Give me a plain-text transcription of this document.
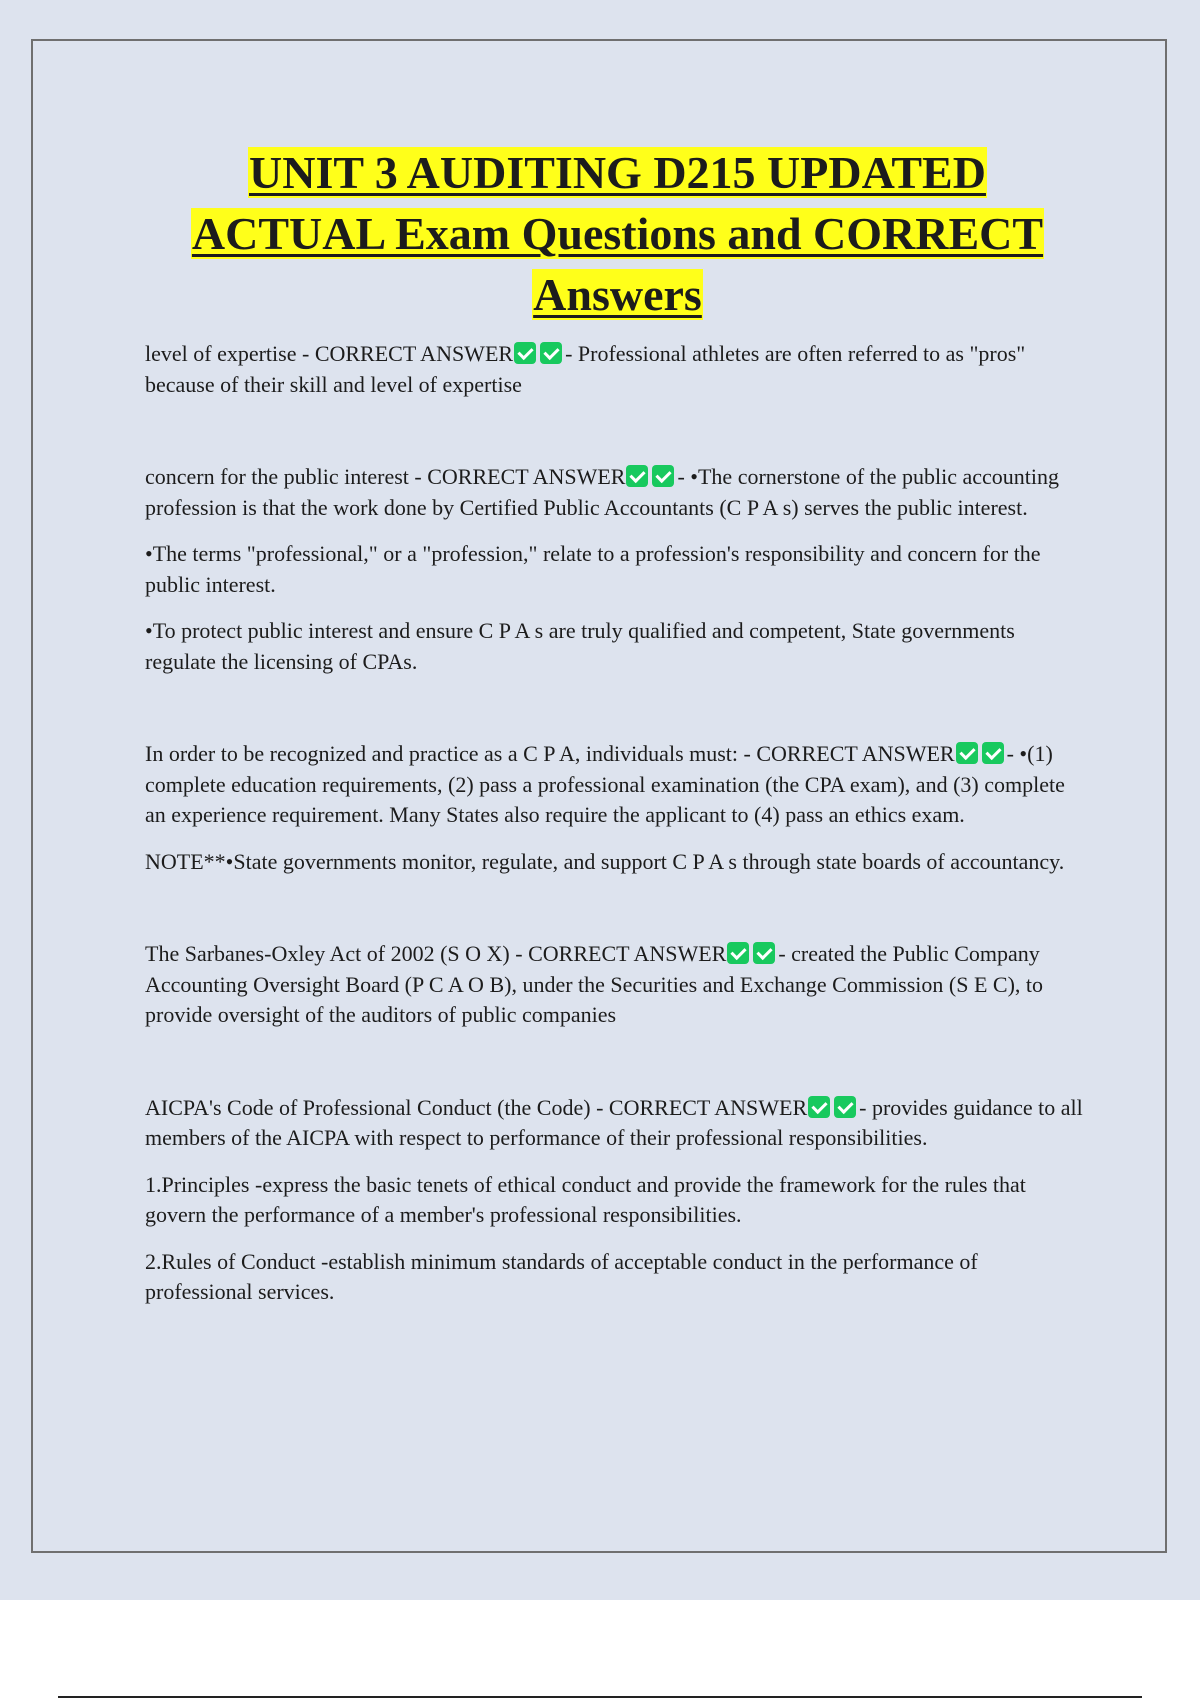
UNIT 3 AUDITING D215 UPDATED
ACTUAL Exam Questions and CORRECT
Answers

level of expertise - CORRECT ANSWER - Professional athletes are often referred to as "pros" because of their skill and level of expertise

concern for the public interest - CORRECT ANSWER - •The cornerstone of the public accounting profession is that the work done by Certified Public Accountants (C P A s) serves the public interest.

•The terms "professional," or a "profession," relate to a profession's responsibility and concern for the public interest.

•To protect public interest and ensure C P A s are truly qualified and competent, State governments regulate the licensing of CPAs.

In order to be recognized and practice as a C P A, individuals must: - CORRECT ANSWER - •(1) complete education requirements, (2) pass a professional examination (the CPA exam), and (3) complete an experience requirement. Many States also require the applicant to (4) pass an ethics exam.

NOTE**•State governments monitor, regulate, and support C P A s through state boards of accountancy.

The Sarbanes-Oxley Act of 2002 (S O X) - CORRECT ANSWER - created the Public Company Accounting Oversight Board (P C A O B), under the Securities and Exchange Commission (S E C), to provide oversight of the auditors of public companies

AICPA's Code of Professional Conduct (the Code) - CORRECT ANSWER - provides guidance to all members of the AICPA with respect to performance of their professional responsibilities.

1.Principles -express the basic tenets of ethical conduct and provide the framework for the rules that govern the performance of a member's professional responsibilities.

2.Rules of Conduct -establish minimum standards of acceptable conduct in the performance of professional services.
